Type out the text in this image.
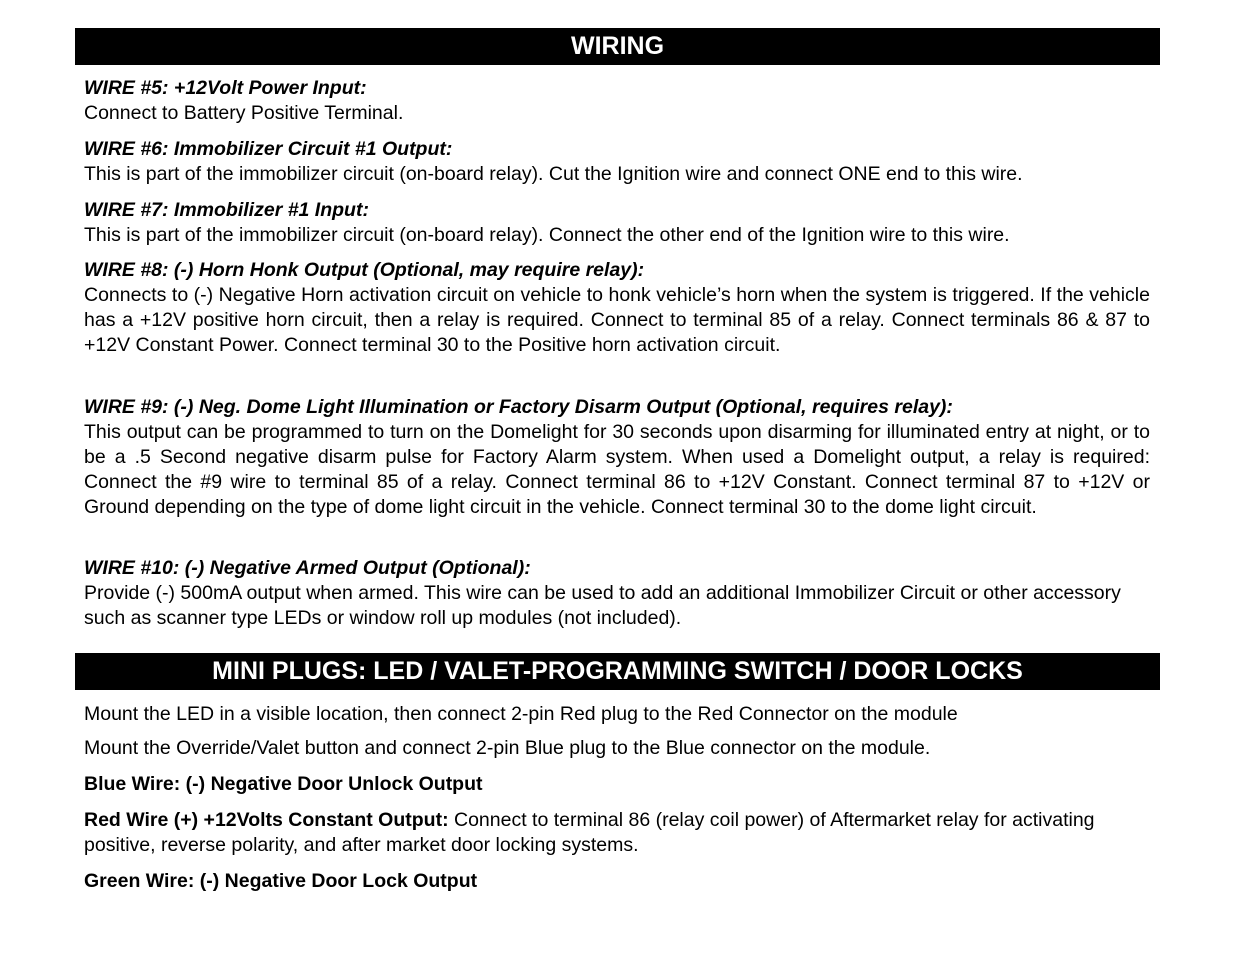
WIRING
WIRE #5: +12Volt Power Input:
Connect to Battery Positive Terminal.
WIRE #6: Immobilizer Circuit #1 Output:
This is part of the immobilizer circuit (on-board relay). Cut the Ignition wire and connect ONE end to this wire.
WIRE #7: Immobilizer #1 Input:
This is part of the immobilizer circuit (on-board relay). Connect the other end of the Ignition wire to this wire.
WIRE #8: (-) Horn Honk Output (Optional, may require relay):
Connects to (-) Negative Horn activation circuit on vehicle to honk vehicle’s horn when the system is triggered. If the vehicle has a +12V positive horn circuit, then a relay is required. Connect to terminal 85 of a relay. Connect terminals 86 & 87 to +12V Constant Power. Connect terminal 30 to the Positive horn activation circuit.
WIRE #9: (-) Neg. Dome Light Illumination or Factory Disarm Output (Optional, requires relay):
This output can be programmed to turn on the Domelight for 30 seconds upon disarming for illuminated entry at night, or to be a .5 Second negative disarm pulse for Factory Alarm system. When used a Domelight output, a relay is required: Connect the #9 wire to terminal 85 of a relay. Connect terminal 86 to +12V Constant. Connect terminal 87 to +12V or Ground depending on the type of dome light circuit in the vehicle. Connect terminal 30 to the dome light circuit.
WIRE #10: (-) Negative Armed Output (Optional):
Provide (-) 500mA output when armed. This wire can be used to add an additional Immobilizer Circuit or other accessory such as scanner type LEDs or window roll up modules (not included).
MINI PLUGS: LED / VALET-PROGRAMMING SWITCH / DOOR LOCKS
Mount the LED in a visible location, then connect 2-pin Red plug to the Red Connector on the module
Mount the Override/Valet button and connect 2-pin Blue plug to the Blue connector on the module.
Blue Wire: (-) Negative Door Unlock Output
Red Wire (+) +12Volts Constant Output: Connect to terminal 86 (relay coil power) of Aftermarket relay for activating positive, reverse polarity, and after market door locking systems.
Green Wire: (-) Negative Door Lock Output
